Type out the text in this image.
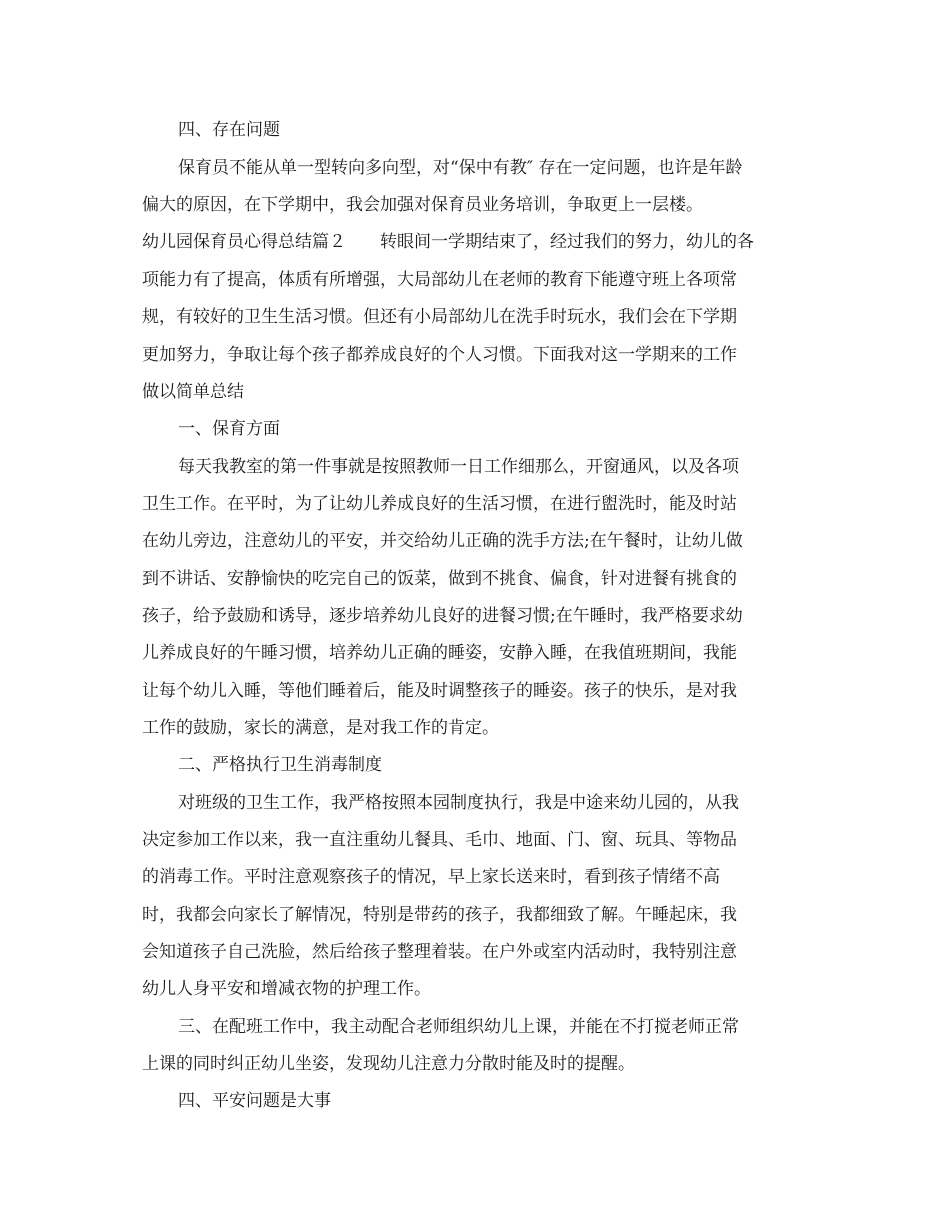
四、存在问题

保育员不能从单一型转向多向型，对“保中有教″ 存在一定问题，也许是年龄

偏大的原因，在下学期中，我会加强对保育员业务培训，争取更上一层楼。

幼儿园保育员心得总结篇２　　转眼间一学期结束了，经过我们的努力，幼儿的各

项能力有了提高，体质有所增强，大局部幼儿在老师的教育下能遵守班上各项常

规，有较好的卫生生活习惯。但还有小局部幼儿在洗手时玩水，我们会在下学期

更加努力，争取让每个孩子都养成良好的个人习惯。下面我对这一学期来的工作

做以简单总结

一、保育方面

每天我教室的第一件事就是按照教师一日工作细那么，开窗通风，以及各项

卫生工作。在平时，为了让幼儿养成良好的生活习惯，在进行盥洗时，能及时站

在幼儿旁边，注意幼儿的平安，并交给幼儿正确的洗手方法;在午餐时，让幼儿做

到不讲话、安静愉快的吃完自己的饭菜，做到不挑食、偏食，针对进餐有挑食的

孩子，给予鼓励和诱导，逐步培养幼儿良好的进餐习惯;在午睡时，我严格要求幼

儿养成良好的午睡习惯，培养幼儿正确的睡姿，安静入睡，在我值班期间，我能

让每个幼儿入睡，等他们睡着后，能及时调整孩子的睡姿。孩子的快乐，是对我

工作的鼓励，家长的满意，是对我工作的肯定。

二、严格执行卫生消毒制度

对班级的卫生工作，我严格按照本园制度执行，我是中途来幼儿园的，从我

决定参加工作以来，我一直注重幼儿餐具、毛巾、地面、门、窗、玩具、等物品

的消毒工作。平时注意观察孩子的情况，早上家长送来时，看到孩子情绪不高

时，我都会向家长了解情况，特别是带药的孩子，我都细致了解。午睡起床，我

会知道孩子自己洗脸，然后给孩子整理着装。在户外或室内活动时，我特别注意

幼儿人身平安和增减衣物的护理工作。

三、在配班工作中，我主动配合老师组织幼儿上课，并能在不打搅老师正常

上课的同时纠正幼儿坐姿，发现幼儿注意力分散时能及时的提醒。

四、平安问题是大事
